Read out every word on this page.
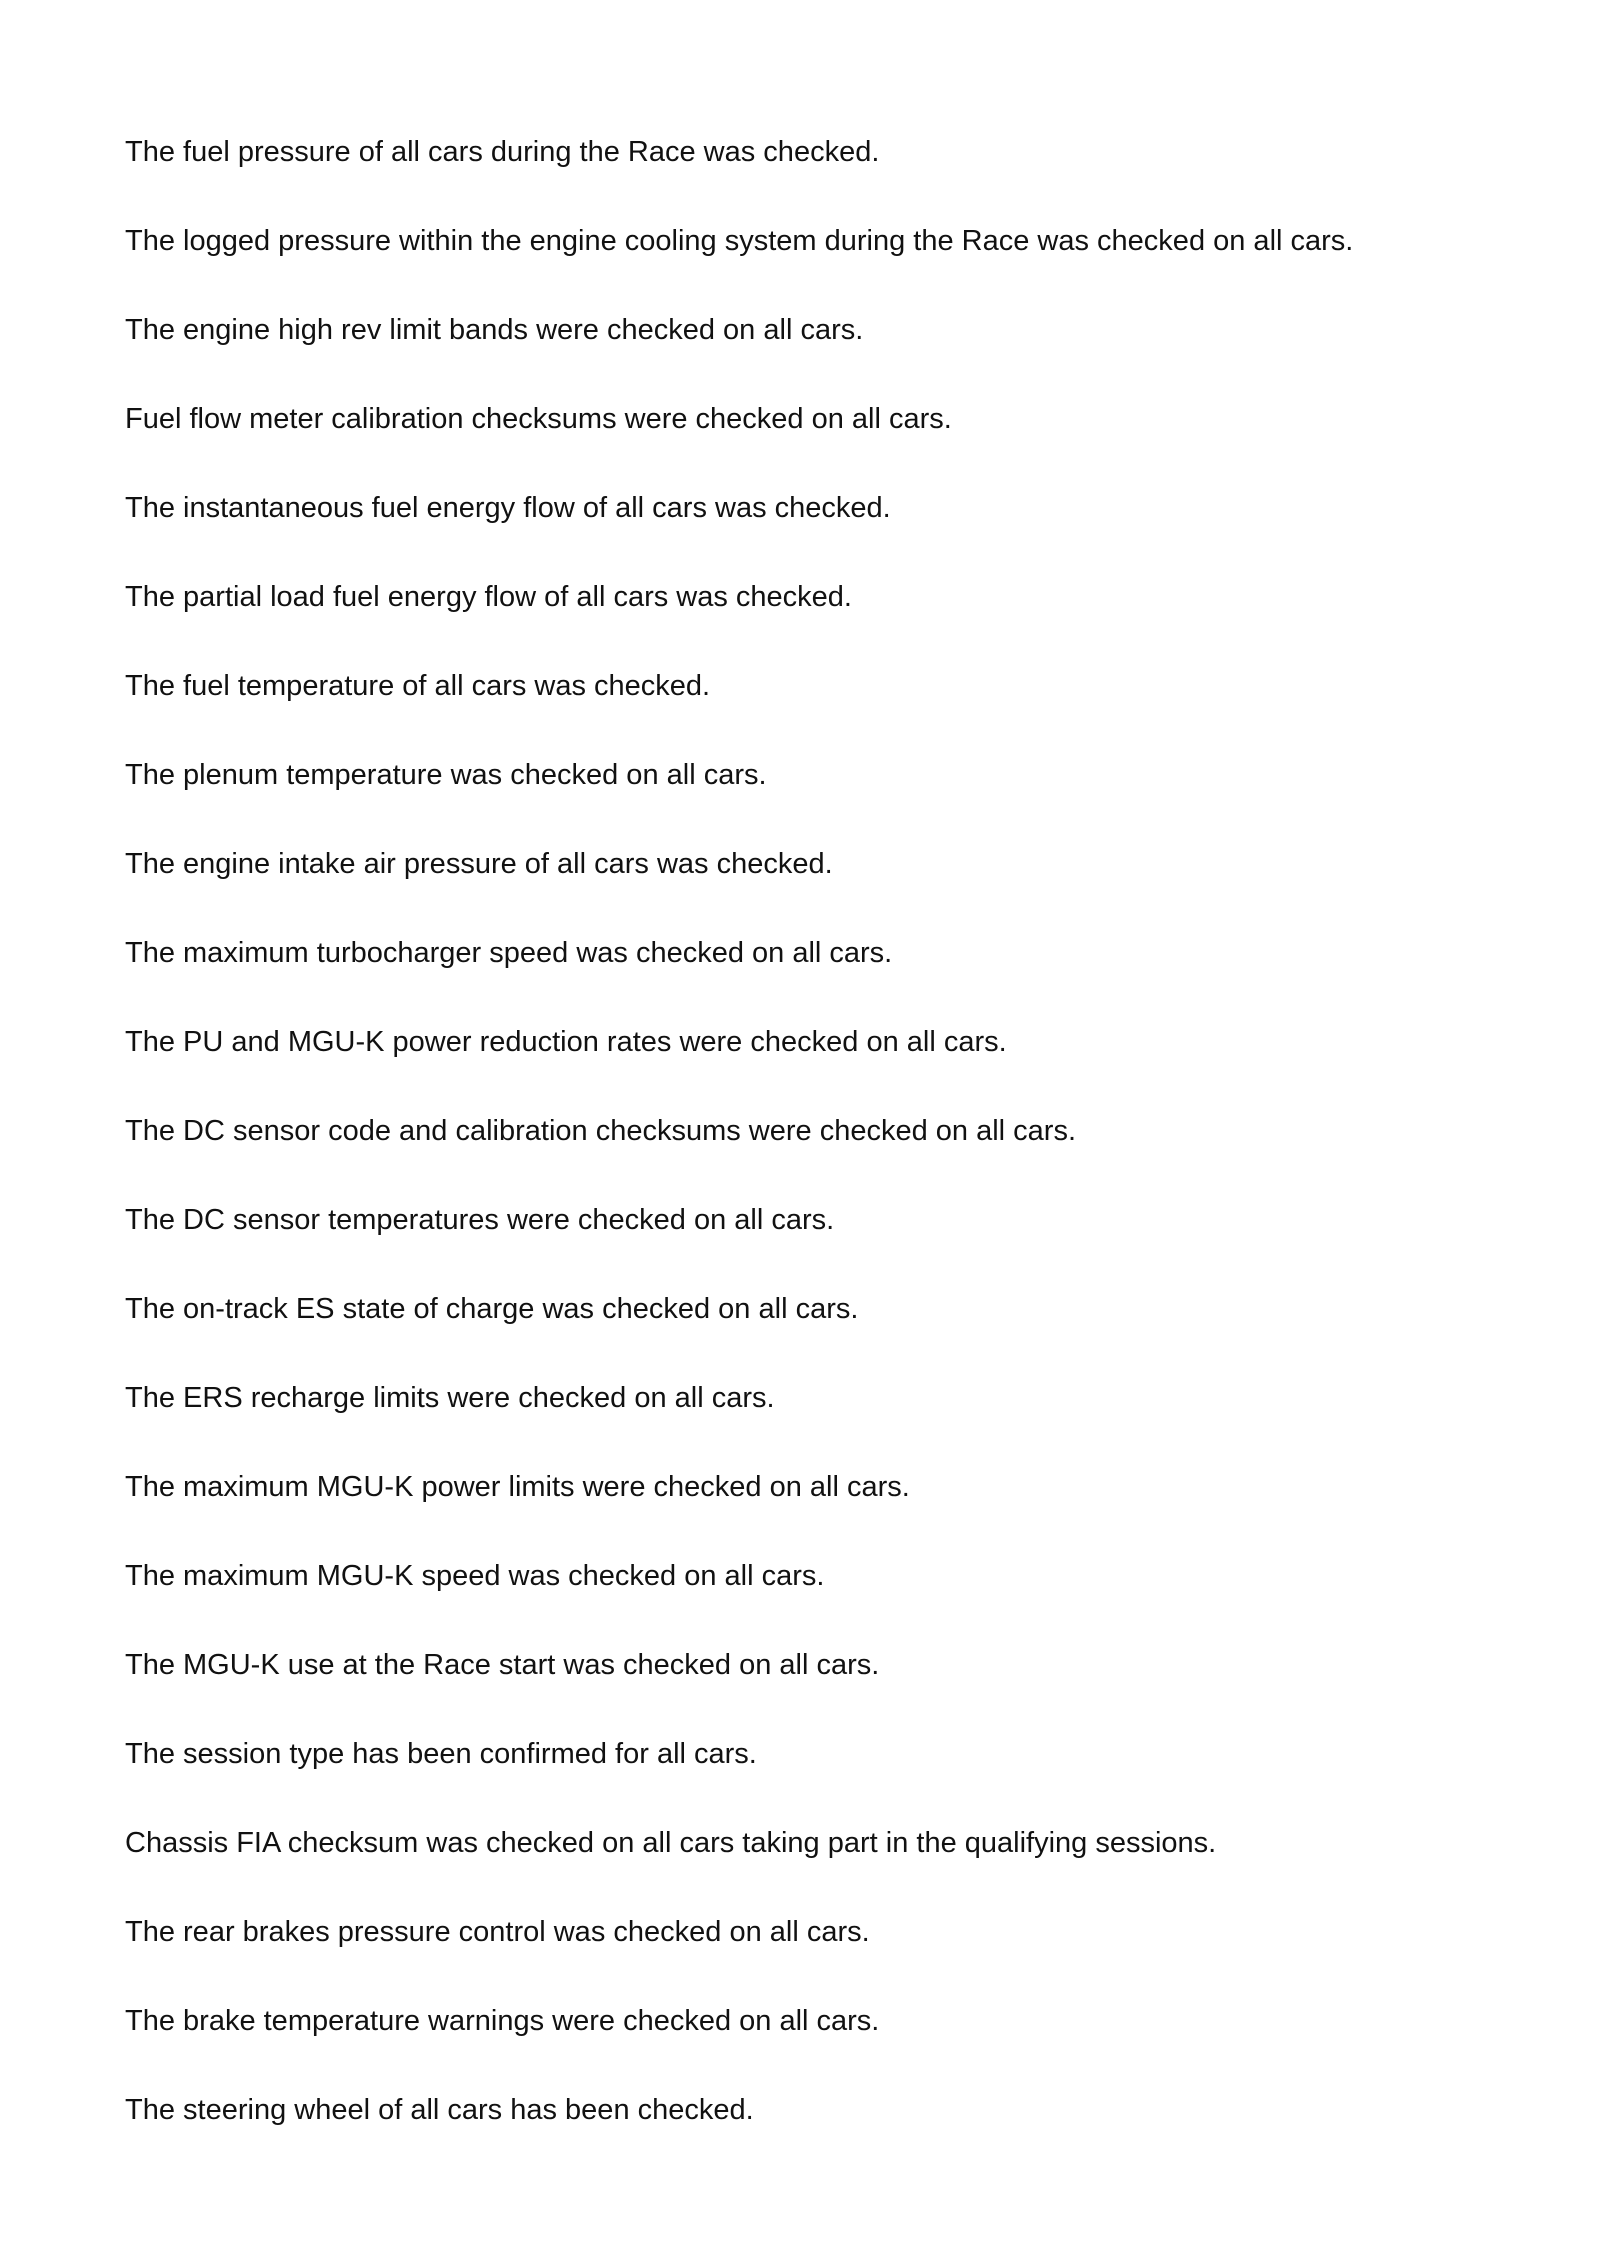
The fuel pressure of all cars during the Race was checked.
The logged pressure within the engine cooling system during the Race was checked on all cars.
The engine high rev limit bands were checked on all cars.
Fuel flow meter calibration checksums were checked on all cars.
The instantaneous fuel energy flow of all cars was checked.
The partial load fuel energy flow of all cars was checked.
The fuel temperature of all cars was checked.
The plenum temperature was checked on all cars.
The engine intake air pressure of all cars was checked.
The maximum turbocharger speed was checked on all cars.
The PU and MGU-K power reduction rates were checked on all cars.
The DC sensor code and calibration checksums were checked on all cars.
The DC sensor temperatures were checked on all cars.
The on-track ES state of charge was checked on all cars.
The ERS recharge limits were checked on all cars.
The maximum MGU-K power limits were checked on all cars.
The maximum MGU-K speed was checked on all cars.
The MGU-K use at the Race start was checked on all cars.
The session type has been confirmed for all cars.
Chassis FIA checksum was checked on all cars taking part in the qualifying sessions.
The rear brakes pressure control was checked on all cars.
The brake temperature warnings were checked on all cars.
The steering wheel of all cars has been checked.
